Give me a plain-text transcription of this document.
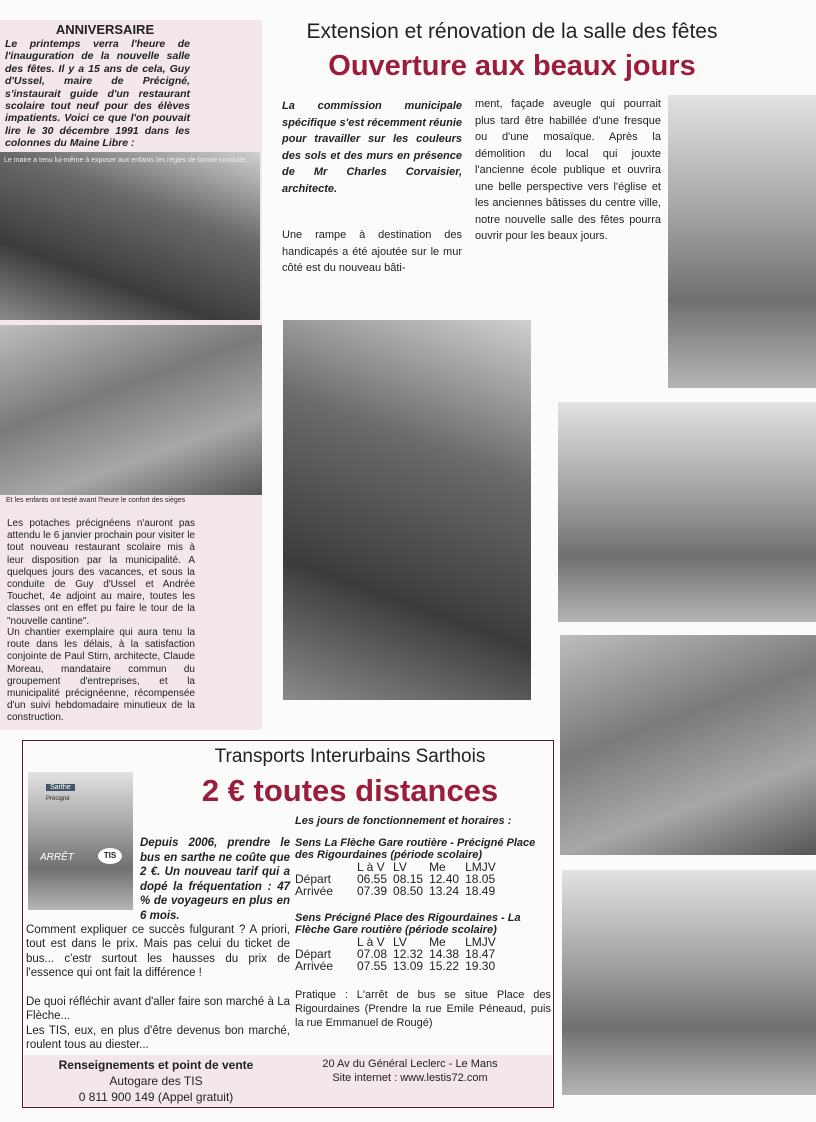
ANNIVERSAIRE

Le printemps verra l'heure de l'inauguration de la nouvelle salle des fêtes. Il y a 15 ans de cela, Guy d'Ussel, maire de Précigné, s'instaurait guide d'un restaurant scolaire tout neuf pour des élèves impatients. Voici ce que l'on pouvait lire le 30 décembre 1991 dans les colonnes du Maine Libre :

Le maire a tenu lui-même à exposer aux enfants les règles de bonne conduite...
Et les enfants ont testé avant l'heure le confort des sièges

Les potaches précignéens n'auront pas attendu le 6 janvier prochain pour visiter le tout nouveau restaurant scolaire mis à leur disposition par la municipalité. A quelques jours des vacances, et sous la conduite de Guy d'Ussel et Andrée Touchet, 4e adjoint au maire, toutes les classes ont en effet pu faire le tour de la "nouvelle cantine".

Un chantier exemplaire qui aura tenu la route dans les délais, à la satisfaction conjointe de Paul Stirn, architecte, Claude Moreau, mandataire commun du groupement d'entreprises, et la municipalité précignéenne, récompensée d'un suivi hebdomadaire minutieux de la construction.

Extension et rénovation de la salle des fêtes
Ouverture aux beaux jours

La commission municipale spécifique s'est récemment réunie pour travailler sur les couleurs des sols et des murs en présence de Mr Charles Corvaisier, architecte.

Une rampe à destination des handicapés a été ajoutée sur le mur côté est du nouveau bâti-

ment, façade aveugle qui pourrait plus tard être habillée d'une fresque ou d'une mosaïque. Après la démolition du local qui jouxte l'ancienne école publique et ouvrira une belle perspective vers l'église et les anciennes bâtisses du centre ville, notre nouvelle salle des fêtes pourra ouvrir pour les beaux jours.

Transports Interurbains Sarthois
2 € toutes distances
Sarthe
Précigné
ARRÊT	TIS

Depuis 2006, prendre le bus en sarthe ne coûte que 2 €. Un nouveau tarif qui a dopé la fréquentation : 47 % de voyageurs en plus en 6 mois.

Comment expliquer ce succès fulgurant ? A priori, tout est dans le prix. Mais pas celui du ticket de bus... c'estr surtout les hausses du prix de l'essence qui ont fait la différence !

De quoi réfléchir avant d'aller faire son marché à La Flèche...

Les TIS, eux, en plus d'être devenus bon marché, roulent tous au diester...

Renseignements et point de vente
Autogare des TIS
0 811 900 149 (Appel gratuit)
Les jours de fonctionnement et horaires :
Sens La Flèche Gare routière - Précigné Place des Rigourdaines (période scolaire)
	L à V	LV	Me	LMJV
Départ	06.55	08.15	12.40	18.05
Arrivée	07.39	08.50	13.24	18.49
Sens Précigné Place des Rigourdaines - La Flèche Gare routière (période scolaire)
	L à V	LV	Me	LMJV
Départ	07.08	12.32	14.38	18.47
Arrivée	07.55	13.09	15.22	19.30

Pratique : L'arrêt de bus se situe Place des Rigourdaines (Prendre la rue Emile Péneaud, puis la rue Emmanuel de Rougé)

20 Av du Général Leclerc - Le Mans
Site internet : www.lestis72.com
